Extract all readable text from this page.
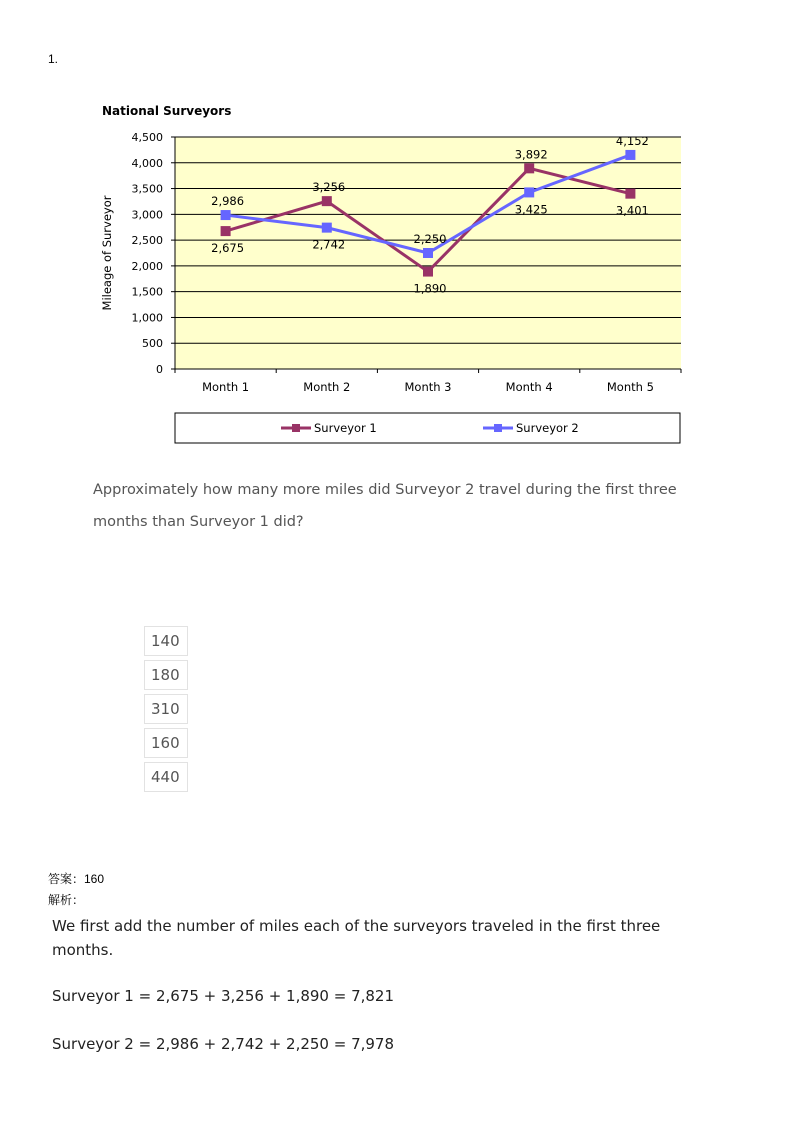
1.
National Surveyors
0
500
1,000
1,500
2,000
2,500
3,000
3,500
4,000
4,500
Month 1	Month 2	Month 3	Month 4	Month 5
Mileage of Surveyor	2,675
2,986
3,256
2,742
1,890
2,250
3,892
3,425	3,401
4,152
Surveyor 1	Surveyor 2
Approximately how many more miles did Surveyor 2 travel during the first three months than Surveyor 1 did?
140
180
310
160
440
答案：160
解析：
We first add the number of miles each of the surveyors traveled in the first three months.
Surveyor 1 = 2,675 + 3,256 + 1,890 = 7,821
Surveyor 2 = 2,986 + 2,742 + 2,250 = 7,978
